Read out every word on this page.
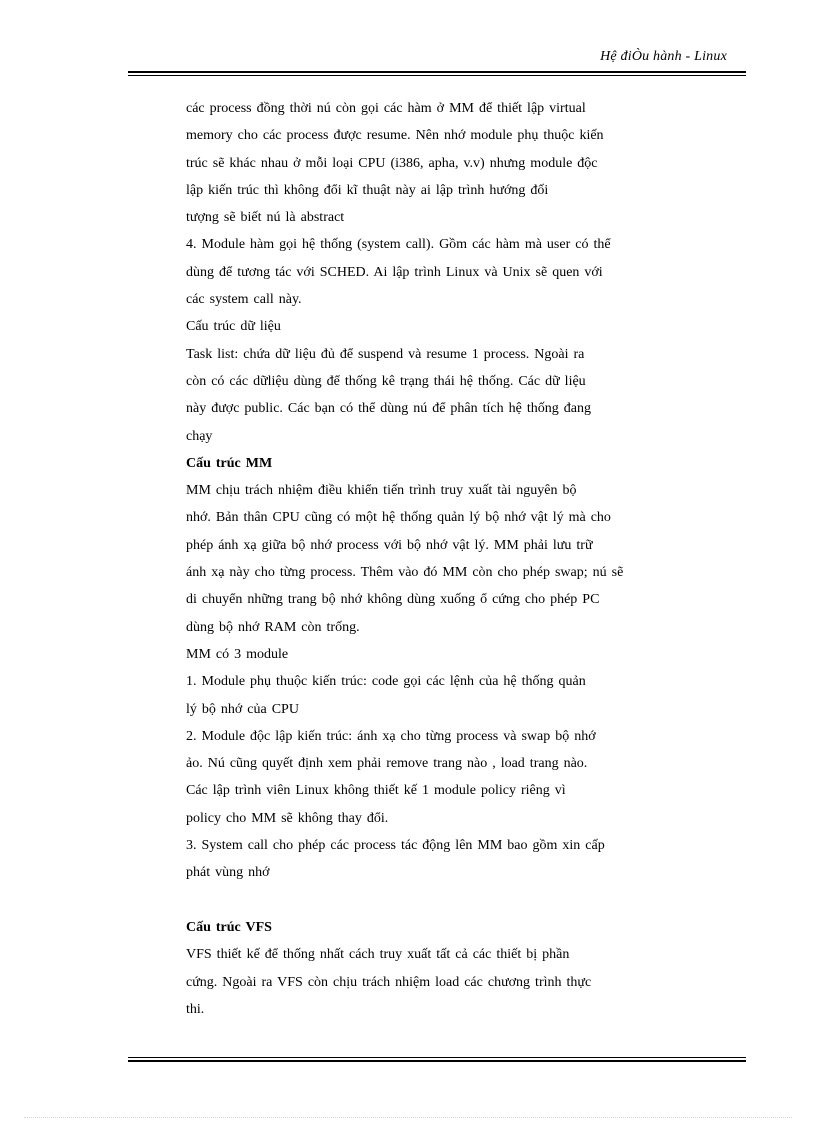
Hệ điÒu hành - Linux
các process đồng thời nú còn gọi các hàm ở MM để thiết lập virtual
memory cho các process được resume. Nên nhớ module phụ thuộc kiến
trúc sẽ khác nhau ở mỗi loại CPU (i386, apha, v.v) nhưng module độc
lập kiến trúc thì không đổi kĩ thuật này ai lập trình hướng đối
tượng sẽ biết nú là abstract
4. Module hàm gọi hệ thống (system call). Gồm các hàm mà user có thể
dùng để tương tác với SCHED. Ai lập trình Linux và Unix sẽ quen với
các system call này.
Cấu trúc dữ liệu
Task list: chứa dữ liệu đủ để suspend và resume 1 process. Ngoài ra
còn có các dữliệu dùng để thống kê trạng thái hệ thống. Các dữ liệu
này được public. Các bạn có thể dùng nú để phân tích hệ thống đang
chạy
Cấu trúc MM
MM chịu trách nhiệm điều khiển tiến trình truy xuất tài nguyên bộ
nhớ. Bản thân CPU cũng có một hệ thống quản lý bộ nhớ vật lý mà cho
phép ánh xạ giữa bộ nhớ process với bộ nhớ vật lý. MM phải lưu trữ
ánh xạ này cho từng process. Thêm vào đó MM còn cho phép swap; nú sẽ
di chuyển những trang bộ nhớ không dùng xuống ổ cứng cho phép PC
dùng bộ nhớ RAM còn trống.
MM có 3 module
1. Module phụ thuộc kiến trúc: code gọi các lệnh của hệ thống quản
lý bộ nhớ của CPU
2. Module độc lập kiến trúc: ánh xạ cho từng process và swap bộ nhớ
ảo. Nú cũng quyết định xem phải remove trang nào , load trang nào.
Các lập trình viên Linux không thiết kế 1 module policy riêng vì
policy cho MM sẽ không thay đổi.
3. System call cho phép các process tác động lên MM bao gồm xin cấp
phát vùng nhớ
Cấu trúc VFS
VFS thiết kế để thống nhất cách truy xuất tất cả các thiết bị phần
cứng. Ngoài ra VFS còn chịu trách nhiệm load các chương trình thực
thi.
